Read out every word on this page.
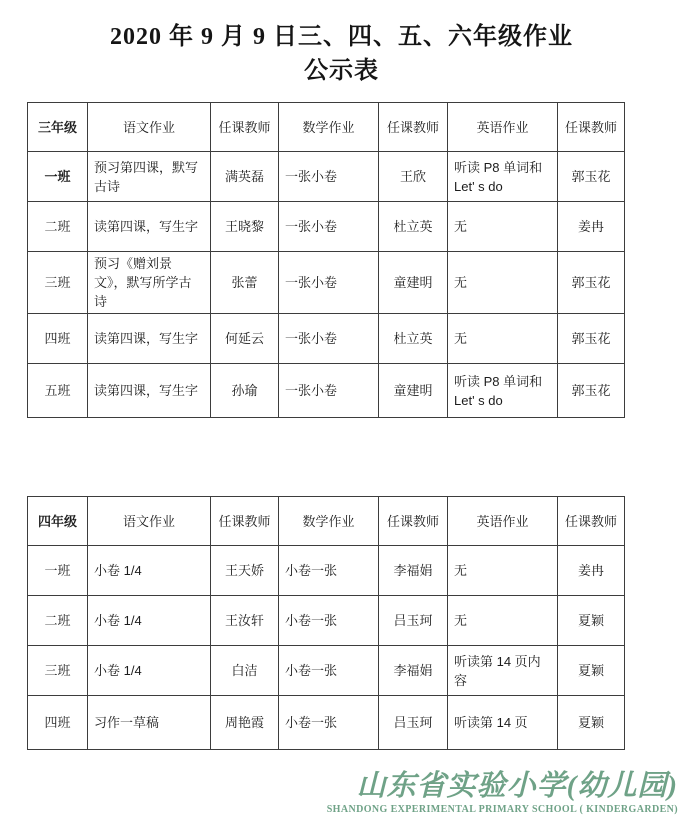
2020 年 9 月 9 日三、四、五、六年级作业
公示表
三年级	语文作业	任课教师	数学作业	任课教师	英语作业	任课教师
一班	预习第四课，默写古诗	满英磊	一张小卷	王欣	听读 P8 单词和 Let' s do	郭玉花
二班	读第四课，写生字	王晓黎	一张小卷	杜立英	无	姜冉
三班	预习《赠刘景文》，默写所学古诗	张蕾	一张小卷	童建明	无	郭玉花
四班	读第四课，写生字	何延云	一张小卷	杜立英	无	郭玉花
五班	读第四课，写生字	孙瑜	一张小卷	童建明	听读 P8 单词和 Let' s do	郭玉花
四年级	语文作业	任课教师	数学作业	任课教师	英语作业	任课教师
一班	小卷 1/4	王天娇	小卷一张	李福娟	无	姜冉
二班	小卷 1/4	王汝轩	小卷一张	吕玉珂	无	夏颖
三班	小卷 1/4	白洁	小卷一张	李福娟	听读第 14 页内容	夏颖
四班	习作一草稿	周艳霞	小卷一张	吕玉珂	听读第 14 页	夏颖
山东省实验小学(幼儿园)
SHANDONG EXPERIMENTAL PRIMARY SCHOOL ( KINDERGARDEN)
